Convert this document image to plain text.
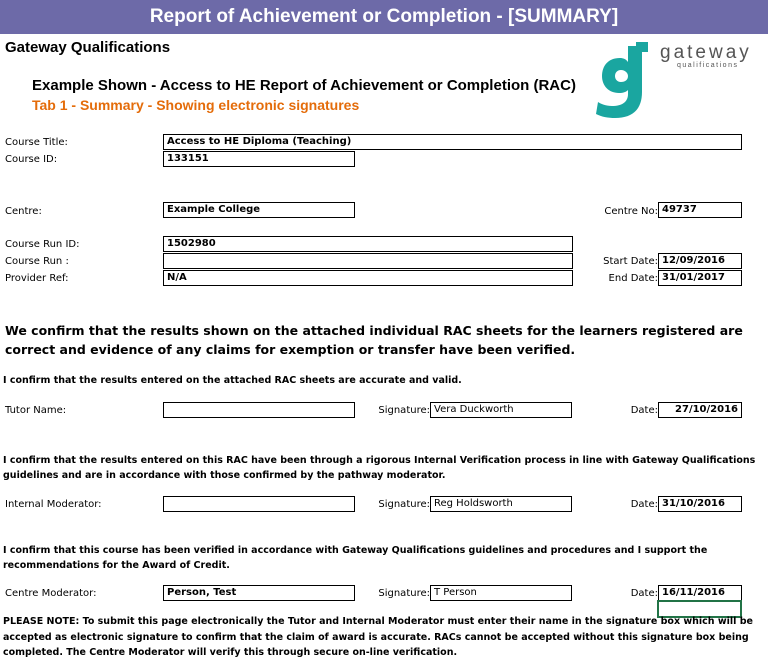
Report of Achievement or Completion - [SUMMARY]
Gateway Qualifications
Example Shown - Access to HE Report of Achievement or Completion (RAC)
Tab 1 - Summary - Showing electronic signatures
gateway
qualifications
Course Title:	Access to HE Diploma (Teaching)
Course ID:	133151
Centre:	Example College	Centre No: 49737
Course Run ID:	1502980
Course Run :
Provider Ref:	N/A
Start Date: 12/09/2016
End Date: 31/01/2017
We confirm that the results shown on the attached individual RAC sheets for the learners registered are correct and evidence of any claims for exemption or transfer have been verified.
I confirm that the results entered on the attached RAC sheets are accurate and valid.
Tutor Name:	Signature: Vera Duckworth	Date:	27/10/2016
I confirm that the results entered on this RAC have been through a rigorous Internal Verification process in line with Gateway Qualifications guidelines and are in accordance with those confirmed by the pathway moderator.
Internal Moderator:	Signature: Reg Holdsworth	Date: 31/10/2016
I confirm that this course has been verified in accordance with Gateway Qualifications guidelines and procedures and I support the recommendations for the Award of Credit.
Centre Moderator:	Person, Test	Signature: T Person	Date: 16/11/2016
PLEASE NOTE: To submit this page electronically the Tutor and Internal Moderator must enter their name in the signature box which will be accepted as electronic signature to confirm that the claim of award is accurate. RACs cannot be accepted without this signature box being completed. The Centre Moderator will verify this through secure on-line verification.
